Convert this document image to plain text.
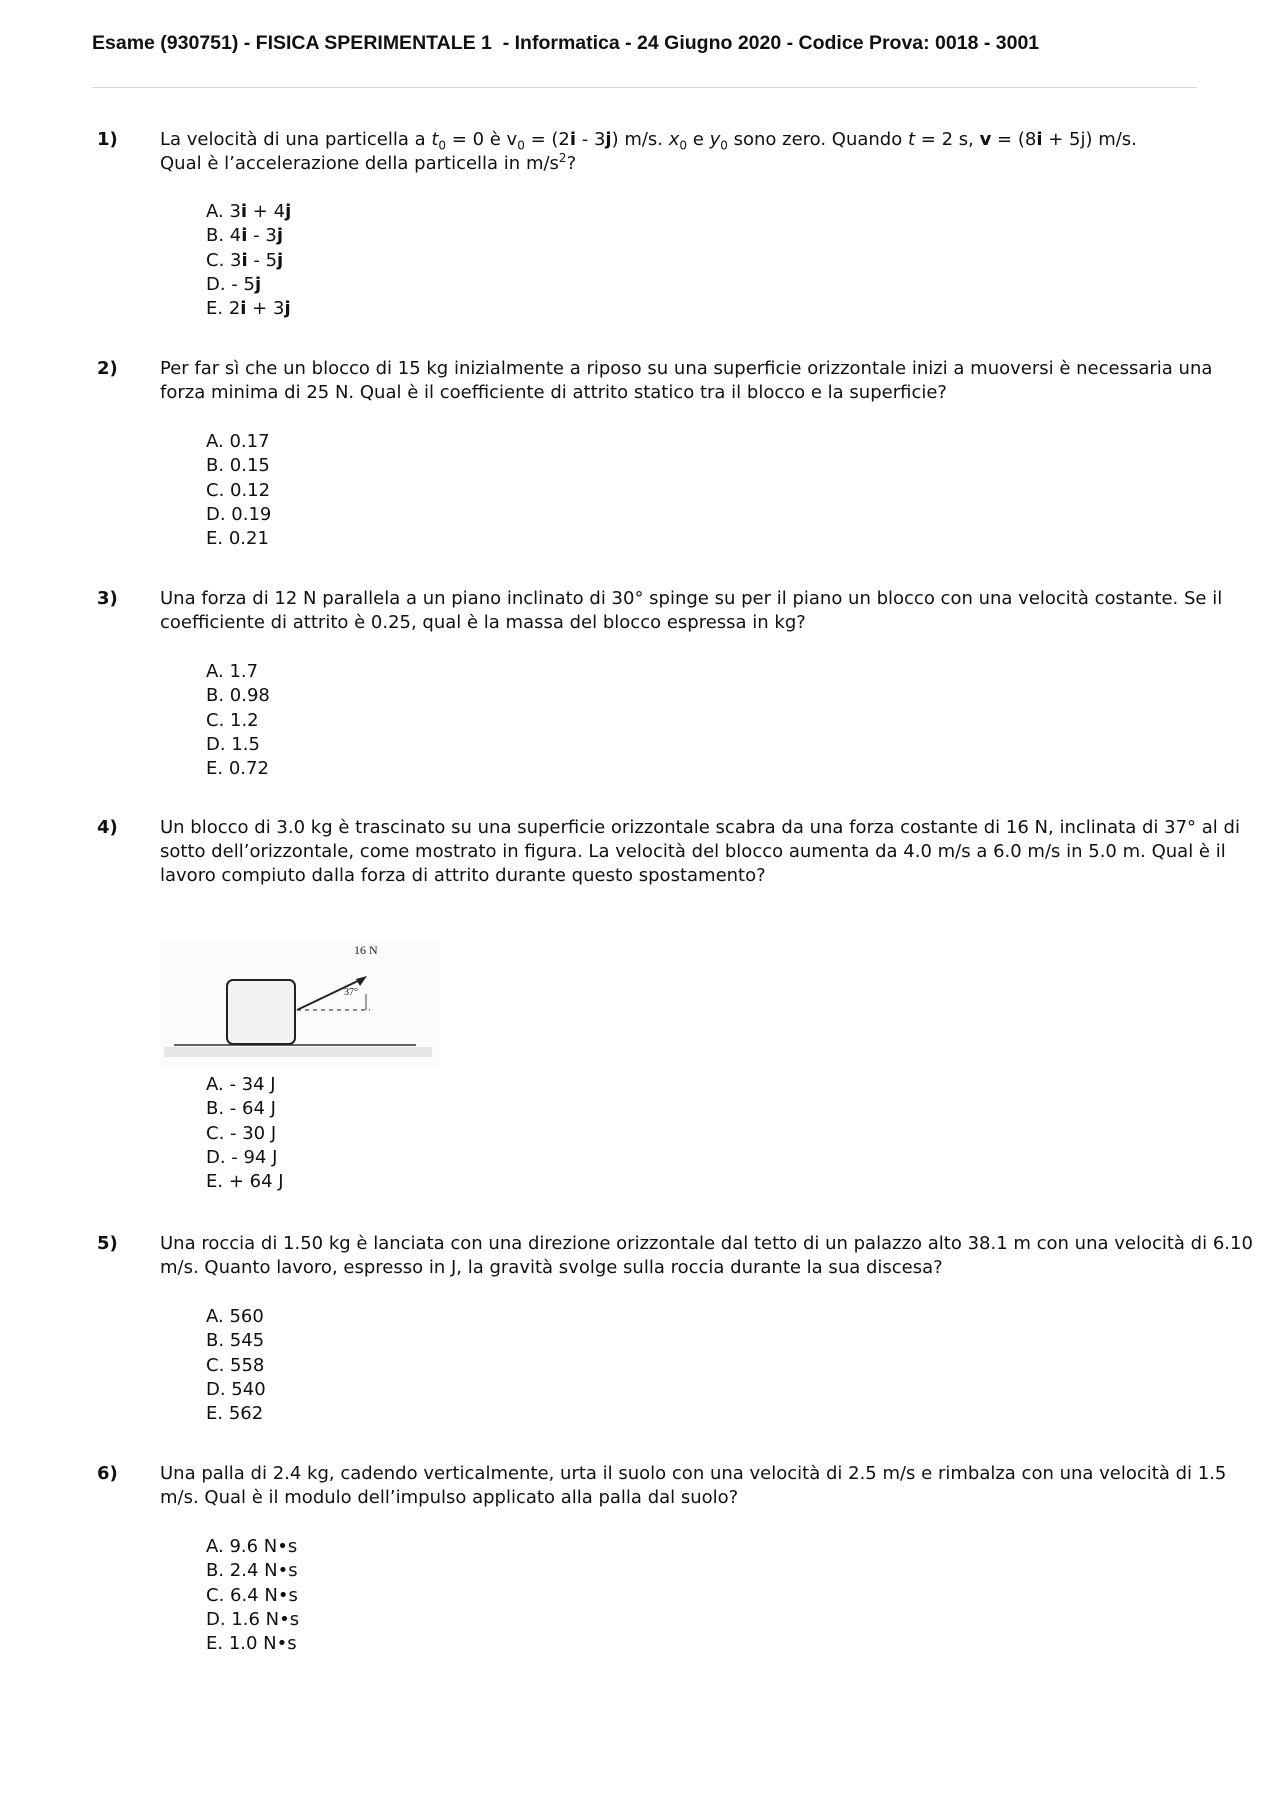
Esame (930751) - FISICA SPERIMENTALE 1  - Informatica - 24 Giugno 2020 - Codice Prova: 0018 - 3001
1) La velocità di una particella a $t_0 = 0$ è $v_0 = (2i - 3j)$ m/s. $x_0$ e $y_0$ sono zero. Quando t = 2 s, v = (8i + 5j) m/s.
Qual è l’accelerazione della particella in $m/s^2$?
A. 3i + 4j
B. 4i - 3j
C. 3i - 5j
D. - 5j
E. 2i + 3j
2) Per far sì che un blocco di 15 kg inizialmente a riposo su una superficie orizzontale inizi a muoversi è necessaria una forza minima di 25 N. Qual è il coefficiente di attrito statico tra il blocco e la superficie?
A. 0.17
B. 0.15
C. 0.12
D. 0.19
E. 0.21
3) Una forza di 12 N parallela a un piano inclinato di 30° spinge su per il piano un blocco con una velocità costante. Se il coefficiente di attrito è 0.25, qual è la massa del blocco espressa in kg?
A. 1.7
B. 0.98
C. 1.2
D. 1.5
E. 0.72
4) Un blocco di 3.0 kg è trascinato su una superficie orizzontale scabra da una forza costante di 16 N, inclinata di 37° al di sotto dell’orizzontale, come mostrato in figura. La velocità del blocco aumenta da 4.0 m/s a 6.0 m/s in 5.0 m. Qual è il lavoro compiuto dalla forza di attrito durante questo spostamento?
16 N
37°
A. - 34 J
B. - 64 J
C. - 30 J
D. - 94 J
E. + 64 J
5) Una roccia di 1.50 kg è lanciata con una direzione orizzontale dal tetto di un palazzo alto 38.1 m con una velocità di 6.10 m/s. Quanto lavoro, espresso in J, la gravità svolge sulla roccia durante la sua discesa?
A. 560
B. 545
C. 558
D. 540
E. 562
6) Una palla di 2.4 kg, cadendo verticalmente, urta il suolo con una velocità di 2.5 m/s e rimbalza con una velocità di 1.5 m/s. Qual è il modulo dell’impulso applicato alla palla dal suolo?
A. 9.6 N•s
B. 2.4 N•s
C. 6.4 N•s
D. 1.6 N•s
E. 1.0 N•s
